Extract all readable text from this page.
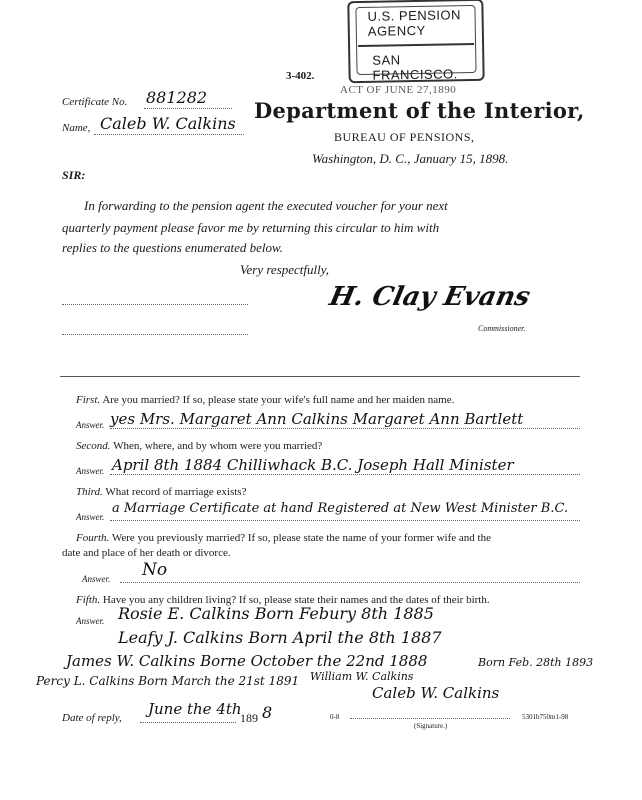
U.S. PENSION AGENCY
SAN FRANCISCO.
3-402.
ACT OF JUNE 27,1890
Certificate No. 881282
Name, Caleb W. Calkins
Department of the Interior,
BUREAU OF PENSIONS,
Washington, D. C., January 15, 1898.
SIR:
In forwarding to the pension agent the executed voucher for your next
quarterly payment please favor me by returning this circular to him with
replies to the questions enumerated below.
Very respectfully,
H. Clay Evans
Commissioner.
First. Are you married? If so, please state your wife's full name and her maiden name.
Answer. yes Mrs. Margaret Ann Calkins Margaret Ann Bartlett
Second. When, where, and by whom were you married?
Answer. April 8th 1884 Chilliwhack B.C. Joseph Hall Minister
Third. What record of marriage exists?
Answer.
a Marriage Certificate at hand Registered at New West Minister B.C.
Fourth. Were you previously married? If so, please state the name of your former wife and the
date and place of her death or divorce.
Answer. No
Fifth. Have you any children living? If so, please state their names and the dates of their birth.
Answer. Rosie E. Calkins Born Febury 8th 1885
Leafy J. Calkins Born April the 8th 1887
James W. Calkins Borne October the 22nd 1888	Born Feb. 28th 1893
Percy L. Calkins Born March the 21st 1891 William W. Calkins
Caleb W. Calkins
Date of reply, June the 4th
189 8	0-8
(Signature.)
5301b750m1-98
